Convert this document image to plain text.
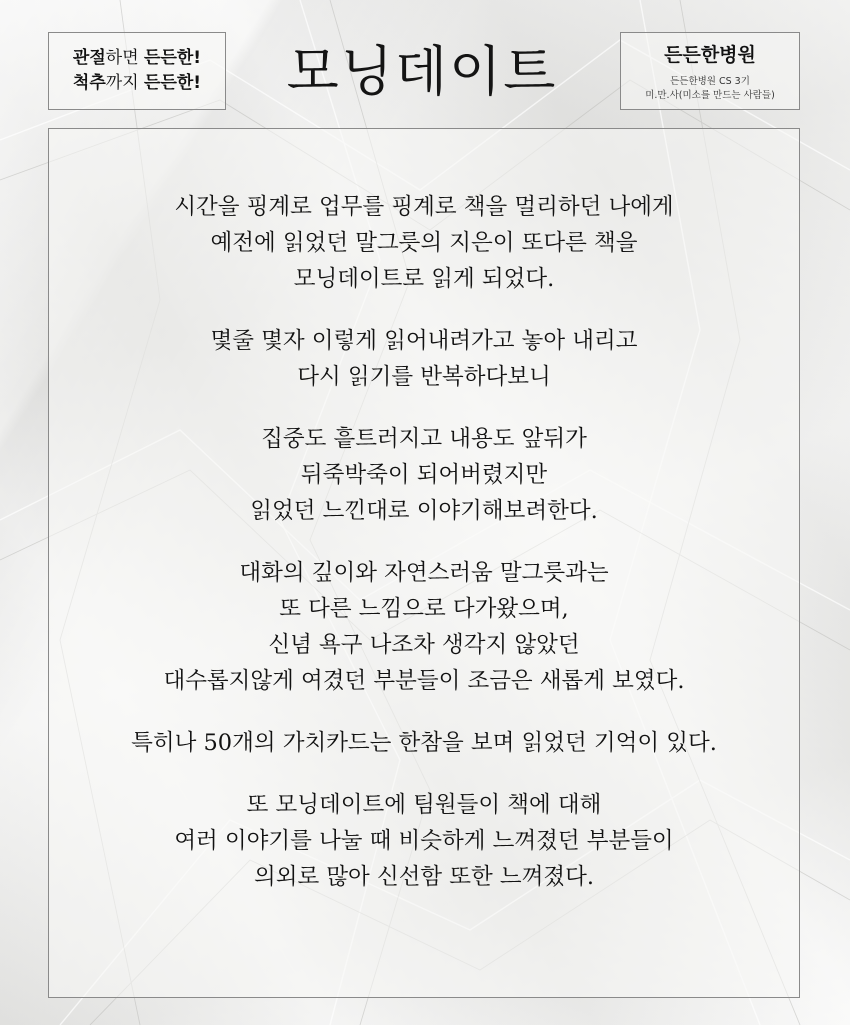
관절하면 든든한!
척추까지 든든한!	모닝데이트	든든한병원
든든한병원 CS 3기
미.만.사(미소를 만드는 사람들)

시간을 핑계로 업무를 핑계로 책을 멀리하던 나에게
예전에 읽었던 말그릇의 지은이 또다른 책을
모닝데이트로 읽게 되었다.

몇줄 몇자 이렇게 읽어내려가고 놓아 내리고
다시 읽기를 반복하다보니

집중도 흩트러지고 내용도 앞뒤가
뒤죽박죽이 되어버렸지만
읽었던 느낀대로 이야기해보려한다.

대화의 깊이와 자연스러움 말그릇과는
또 다른 느낌으로 다가왔으며,
신념 욕구 나조차 생각지 않았던
대수롭지않게 여겼던 부분들이 조금은 새롭게 보였다.

특히나 50개의 가치카드는 한참을 보며 읽었던 기억이 있다.

또 모닝데이트에 팀원들이 책에 대해
여러 이야기를 나눌 때 비슷하게 느껴졌던 부분들이
의외로 많아 신선함 또한 느껴졌다.
